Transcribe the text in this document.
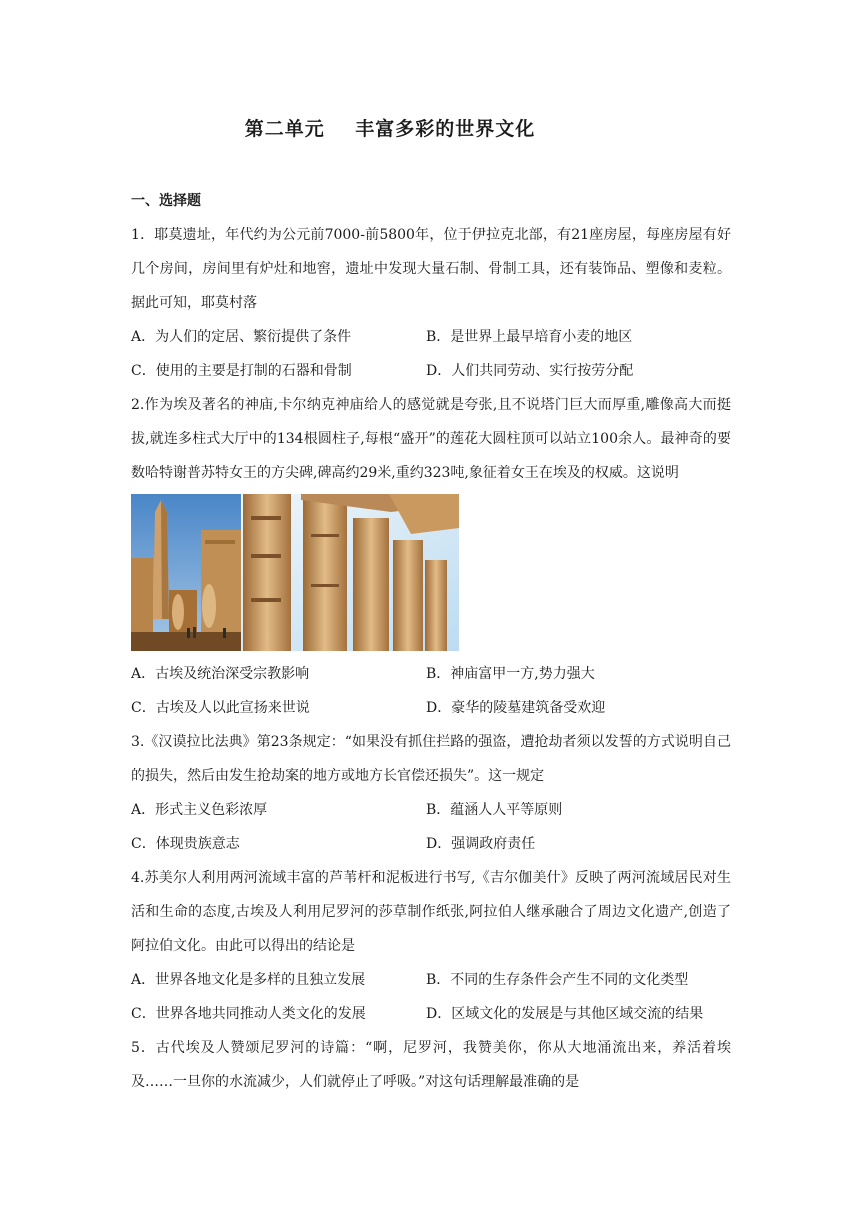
第二单元    丰富多彩的世界文化
一、选择题

1．耶莫遗址，年代约为公元前7000-前5800年，位于伊拉克北部，有21座房屋，每座房屋有好几个房间，房间里有炉灶和地窖，遗址中发现大量石制、骨制工具，还有装饰品、塑像和麦粒。据此可知，耶莫村落

A．为人们的定居、繁衍提供了条件	B．是世界上最早培育小麦的地区
C．使用的主要是打制的石器和骨制	D．人们共同劳动、实行按劳分配

2.作为埃及著名的神庙,卡尔纳克神庙给人的感觉就是夸张,且不说塔门巨大而厚重,雕像高大而挺拔,就连多柱式大厅中的134根圆柱子,每根“盛开”的莲花大圆柱顶可以站立100余人。最神奇的要数哈特谢普苏特女王的方尖碑,碑高约29米,重约323吨,象征着女王在埃及的权威。这说明

A．古埃及统治深受宗教影响	B．神庙富甲一方,势力强大
C．古埃及人以此宣扬来世说	D．豪华的陵墓建筑备受欢迎

3.《汉谟拉比法典》第23条规定：“如果没有抓住拦路的强盗，遭抢劫者须以发誓的方式说明自己的损失，然后由发生抢劫案的地方或地方长官偿还损失”。这一规定

A．形式主义色彩浓厚	B．蕴涵人人平等原则
C．体现贵族意志	D．强调政府责任

4.苏美尔人利用两河流域丰富的芦苇杆和泥板进行书写,《吉尔伽美什》反映了两河流域居民对生活和生命的态度,古埃及人利用尼罗河的莎草制作纸张,阿拉伯人继承融合了周边文化遗产,创造了阿拉伯文化。由此可以得出的结论是

A．世界各地文化是多样的且独立发展	B．不同的生存条件会产生不同的文化类型
C．世界各地共同推动人类文化的发展	D．区域文化的发展是与其他区域交流的结果

5．古代埃及人赞颂尼罗河的诗篇：“啊，尼罗河，我赞美你，你从大地涌流出来，养活着埃及……一旦你的水流减少，人们就停止了呼吸。”对这句话理解最准确的是
